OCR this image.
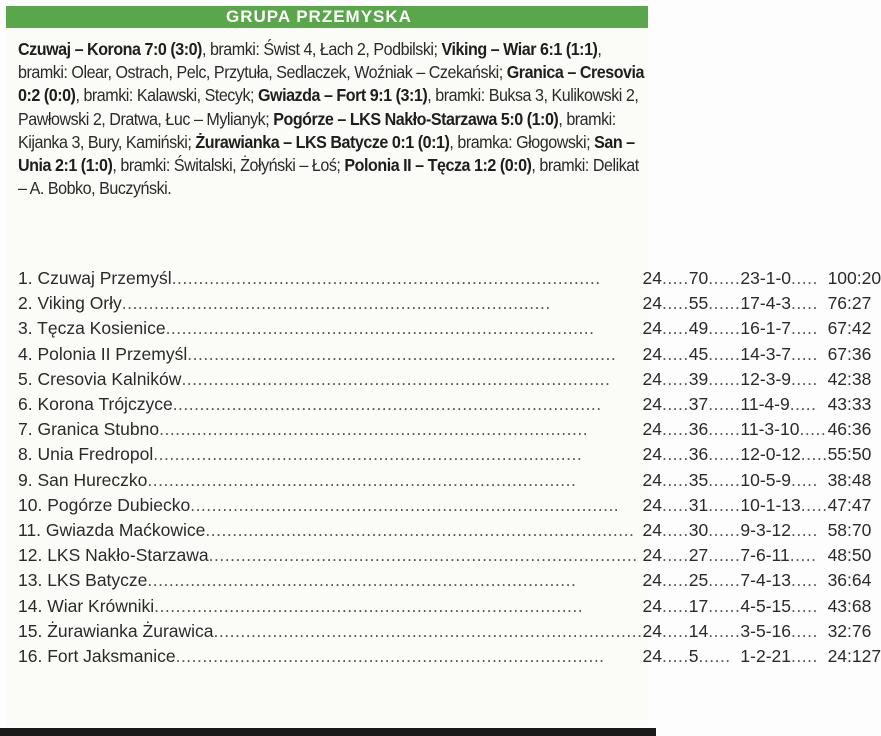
GRUPA PRZEMYSKA
Czuwaj – Korona 7:0 (3:0), bramki: Świst 4, Łach 2, Podbilski; Viking – Wiar 6:1 (1:1), bramki: Olear, Ostrach, Pelc, Przytuła, Sedlaczek, Woźniak – Czekański; Granica – Cresovia 0:2 (0:0), bramki: Kalawski, Stecyk; Gwiazda – Fort 9:1 (3:1), bramki: Buksa 3, Kulikowski 2, Pawłowski 2, Dratwa, Łuc – Mylianyk; Pogórze – LKS Nakło-Starzawa 5:0 (1:0), bramki: Kijanka 3, Bury, Kamiński; Żurawianka – LKS Batycze 0:1 (0:1), bramka: Głogowski; San – Unia 2:1 (1:0), bramki: Świtalski, Żołyński – Łoś; Polonia II – Tęcza 1:2 (0:0), bramki: Delikat – A. Bobko, Buczyński.
1. Czuwaj Przemyśl................................................................................	24.....	70......	23-1-0.....	100:20
2. Viking Orły................................................................................	24.....	55......	17-4-3.....	76:27
3. Tęcza Kosienice................................................................................	24.....	49......	16-1-7.....	67:42
4. Polonia II Przemyśl................................................................................	24.....	45......	14-3-7.....	67:36
5. Cresovia Kalników................................................................................	24.....	39......	12-3-9.....	42:38
6. Korona Trójczyce................................................................................	24.....	37......	11-4-9.....	43:33
7. Granica Stubno................................................................................	24.....	36......	11-3-10.....	46:36
8. Unia Fredropol................................................................................	24.....	36......	12-0-12.....	55:50
9. San Hureczko................................................................................	24.....	35......	10-5-9.....	38:48
10. Pogórze Dubiecko................................................................................	24.....	31......	10-1-13.....	47:47
11. Gwiazda Maćkowice................................................................................	24.....	30......	9-3-12.....	58:70
12. LKS Nakło-Starzawa................................................................................	24.....	27......	7-6-11.....	48:50
13. LKS Batycze................................................................................	24.....	25......	7-4-13.....	36:64
14. Wiar Krówniki................................................................................	24.....	17......	4-5-15.....	43:68
15. Żurawianka Żurawica................................................................................	24.....	14......	3-5-16.....	32:76
16. Fort Jaksmanice................................................................................	24.....	5......	1-2-21.....	24:127
